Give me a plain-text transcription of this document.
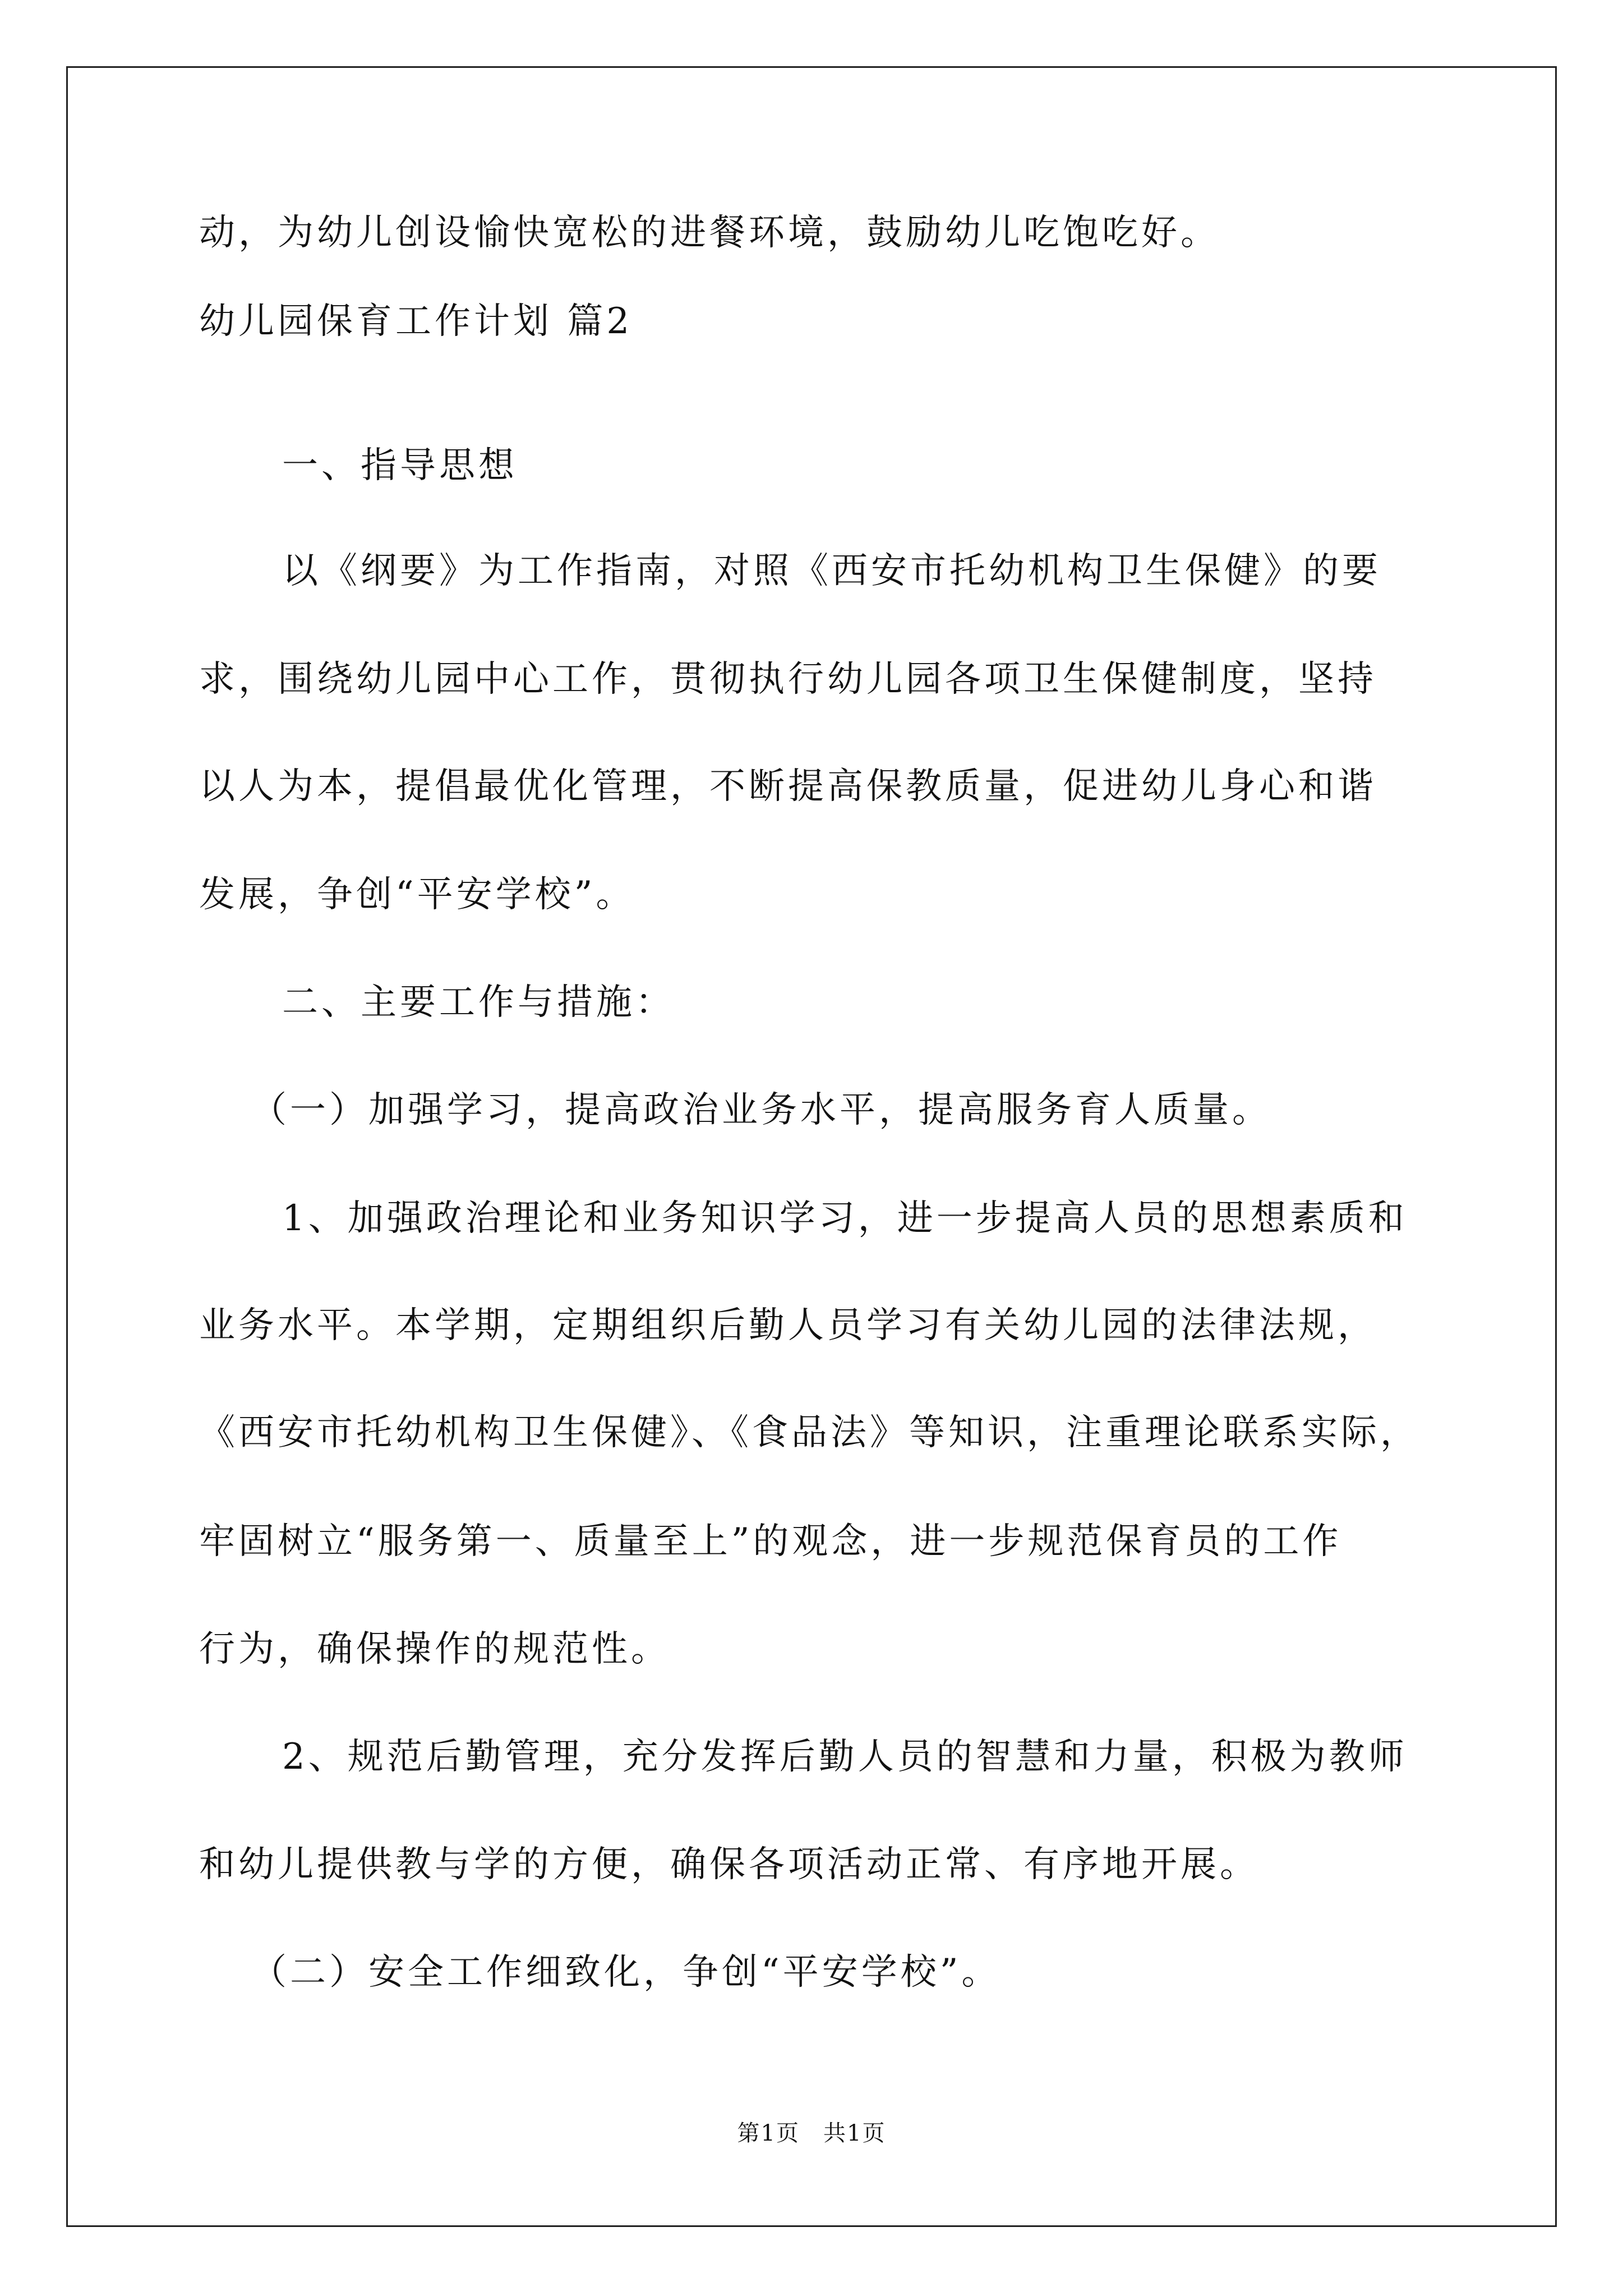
动，为幼儿创设愉快宽松的进餐环境，鼓励幼儿吃饱吃好。
幼儿园保育工作计划 篇2
一、指导思想
以《纲要》为工作指南，对照《西安市托幼机构卫生保健》的要
求，围绕幼儿园中心工作，贯彻执行幼儿园各项卫生保健制度，坚持
以人为本，提倡最优化管理，不断提高保教质量，促进幼儿身心和谐
发展，争创“平安学校”。
二、主要工作与措施：
（一）加强学习，提高政治业务水平，提高服务育人质量。
1、加强政治理论和业务知识学习，进一步提高人员的思想素质和
业务水平。本学期，定期组织后勤人员学习有关幼儿园的法律法规，
《西安市托幼机构卫生保健》、《食品法》等知识，注重理论联系实际，
牢固树立“服务第一、质量至上”的观念，进一步规范保育员的工作
行为，确保操作的规范性。
2、规范后勤管理，充分发挥后勤人员的智慧和力量，积极为教师
和幼儿提供教与学的方便，确保各项活动正常、有序地开展。
（二）安全工作细致化，争创“平安学校”。
第1页　共1页
